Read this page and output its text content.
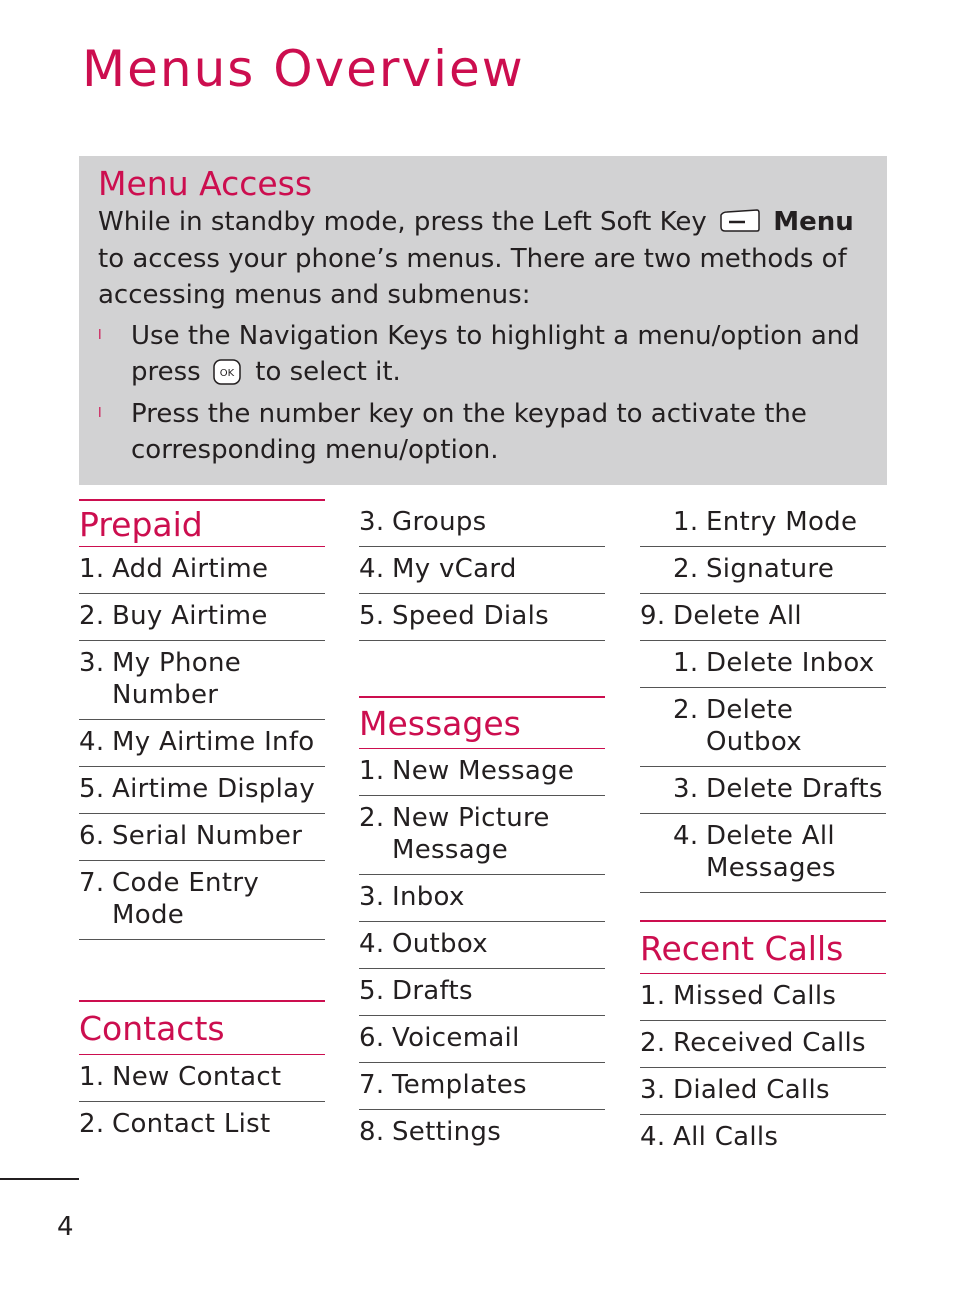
Menus Overview
Menu Access

While in standby mode, press the Left Soft Key	Menu to access your phone’s menus. There are two methods of accessing menus and submenus:

l Use the Navigation Keys to highlight a menu/option and press OK to select it.
l Press the number key on the keypad to activate the corresponding menu/option.
Prepaid
1. Add Airtime
2. Buy Airtime
3. My Phone Number
4. My Airtime Info
5. Airtime Display
6. Serial Number
7. Code Entry Mode
Contacts
1. New Contact
2. Contact List
3. Groups
4. My vCard
5. Speed Dials
Messages
1. New Message
2. New Picture Message
3. Inbox
4. Outbox
5. Drafts
6. Voicemail
7. Templates
8. Settings
1. Entry Mode
2. Signature
9. Delete All
1. Delete Inbox
2. Delete Outbox
3. Delete Drafts
4. Delete All Messages
Recent Calls
1. Missed Calls
2. Received Calls
3. Dialed Calls
4. All Calls
4
